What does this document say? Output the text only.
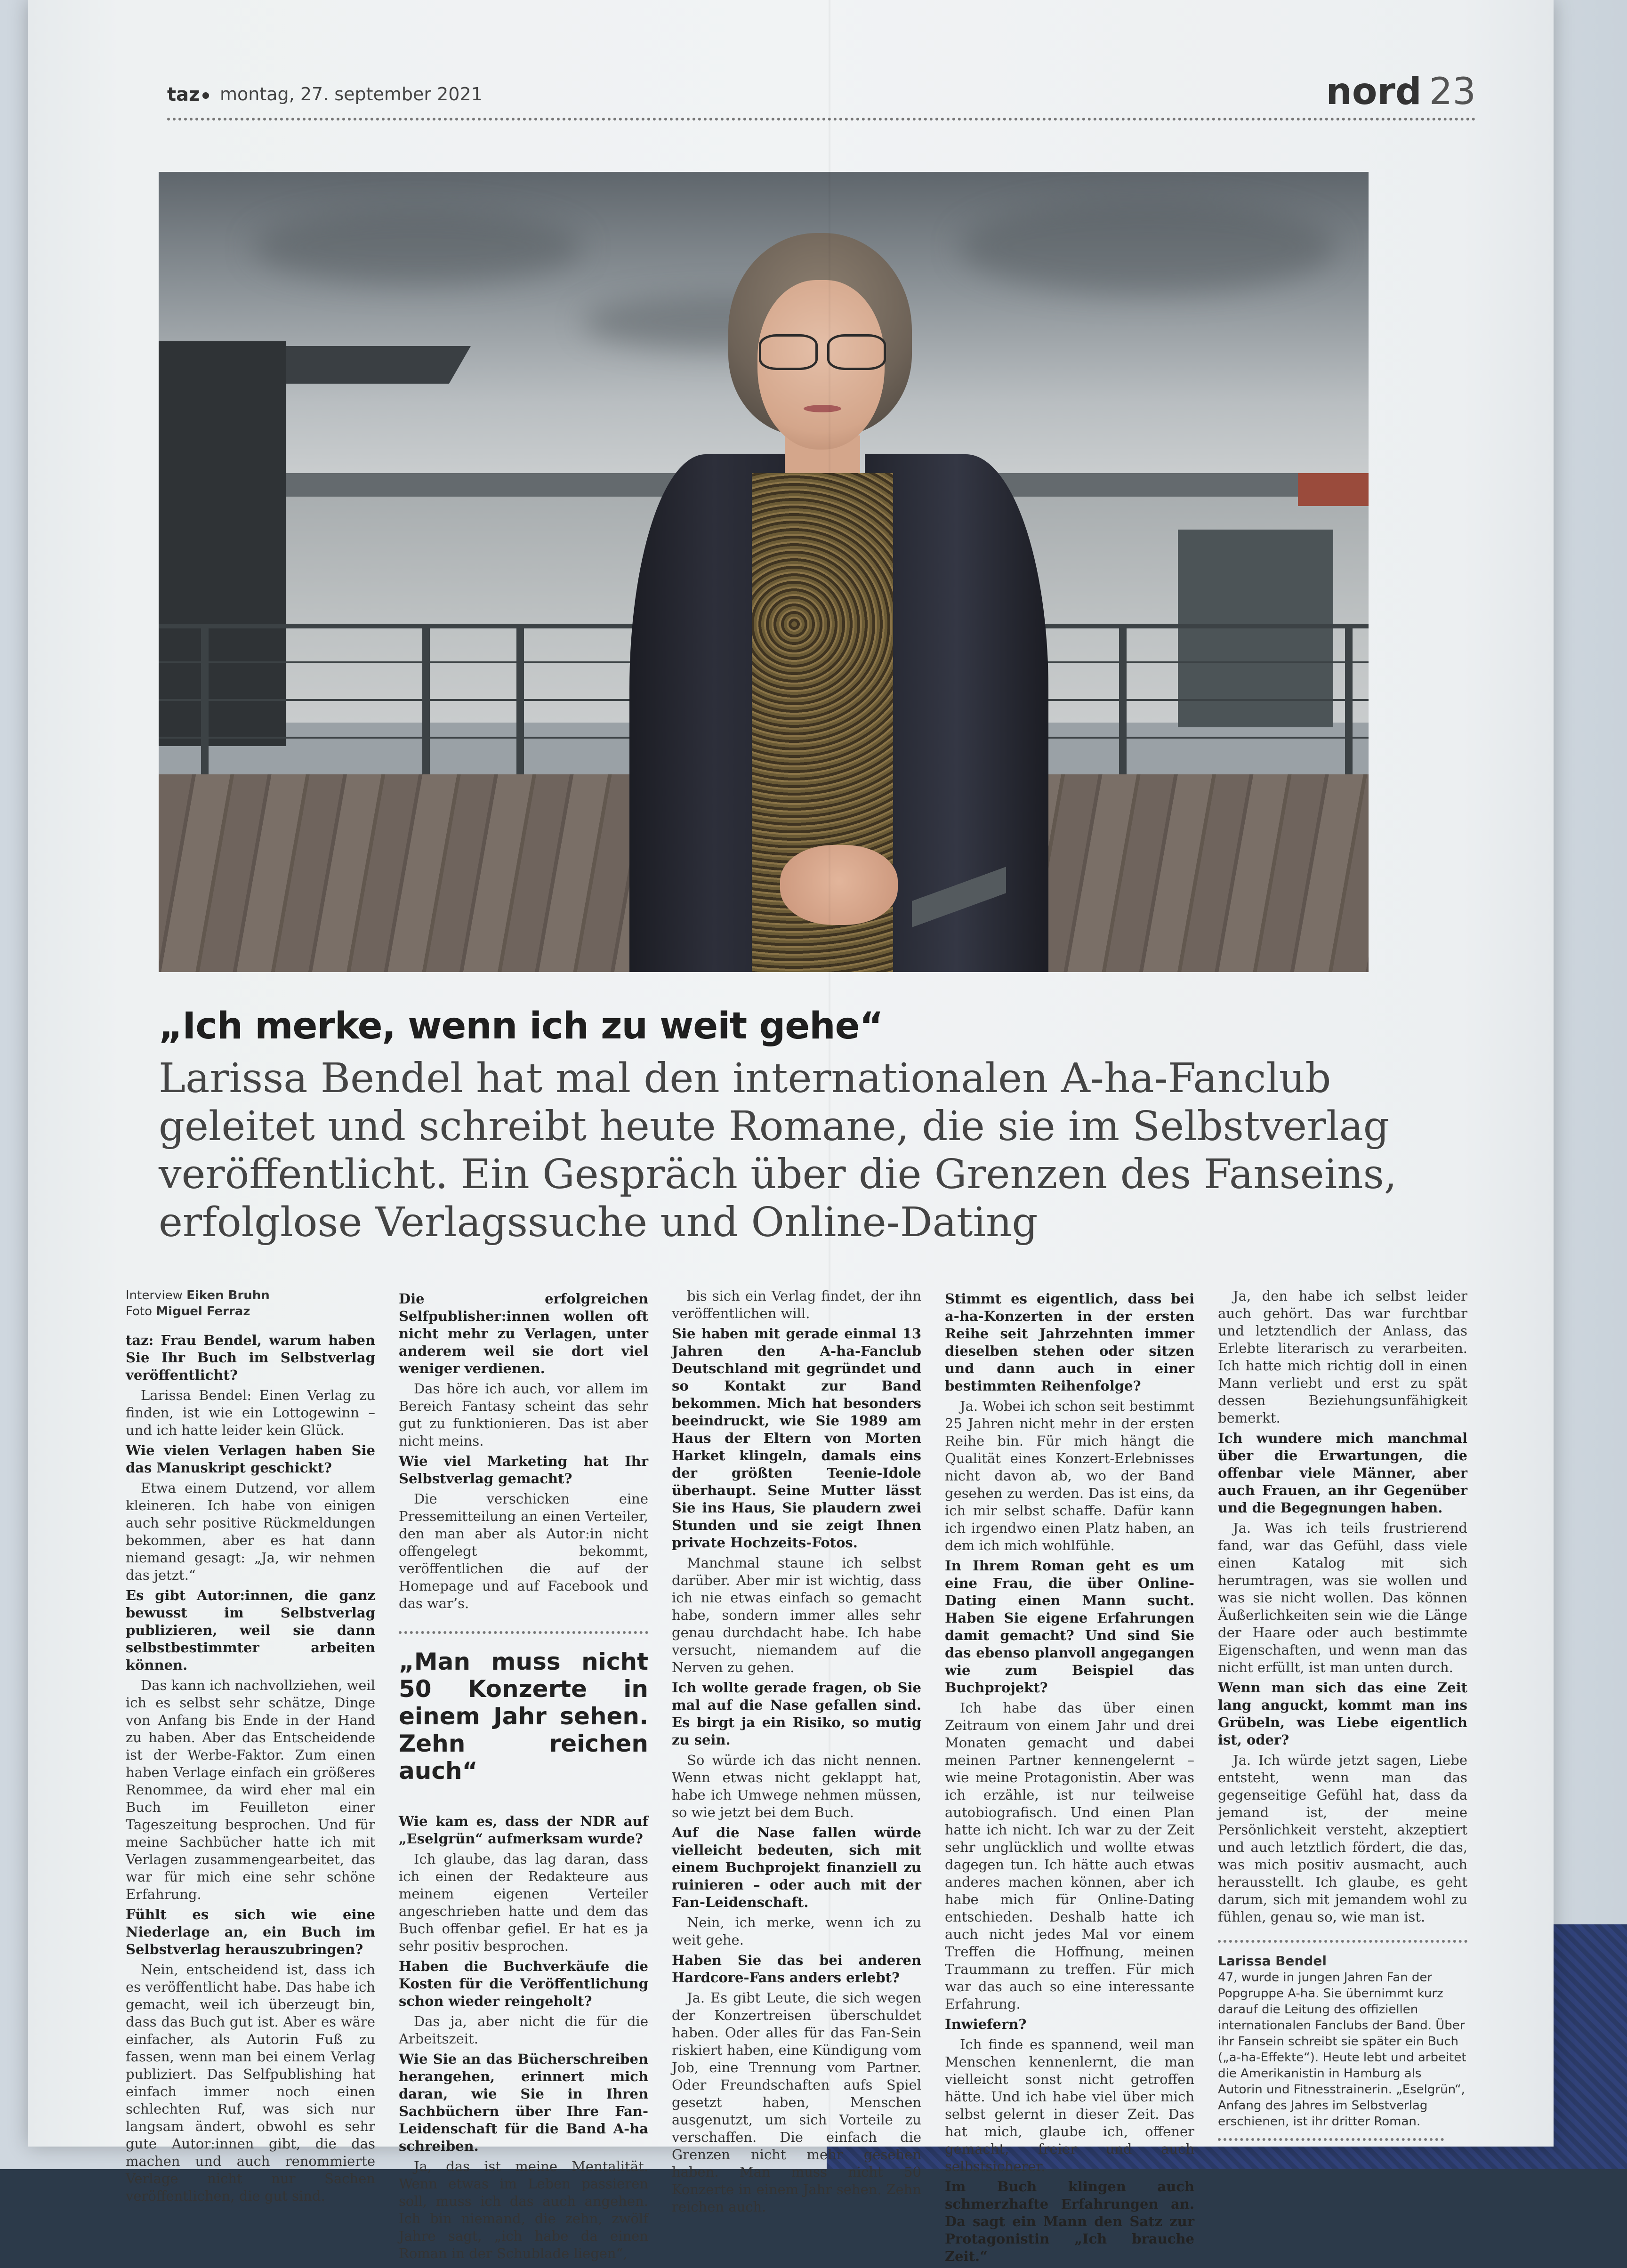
taz	montag, 27. september 2021	nord 23
„Ich merke, wenn ich zu weit gehe“
Larissa Bendel hat mal den internationalen A-ha-Fanclub geleitet und schreibt heute Romane, die sie im Selbstverlag veröffentlicht. Ein Gespräch über die Grenzen des Fanseins, erfolglose Verlagssuche und Online-Dating
Interview Eiken Bruhn
Foto Miguel Ferraz

taz: Frau Bendel, warum haben Sie Ihr Buch im Selbstverlag veröffentlicht?

Larissa Bendel: Einen Verlag zu finden, ist wie ein Lottogewinn – und ich hatte leider kein Glück.

Wie vielen Verlagen haben Sie das Manuskript geschickt?

Etwa einem Dutzend, vor allem kleineren. Ich habe von einigen auch sehr positive Rückmeldungen bekommen, aber es hat dann niemand gesagt: „Ja, wir nehmen das jetzt.“

Es gibt Autor:innen, die ganz bewusst im Selbstverlag publizieren, weil sie dann selbstbestimmter arbeiten können.

Das kann ich nachvollziehen, weil ich es selbst sehr schätze, Dinge von Anfang bis Ende in der Hand zu haben. Aber das Entscheidende ist der Werbe-Faktor. Zum einen haben Verlage einfach ein größeres Renommee, da wird eher mal ein Buch im Feuilleton einer Tageszeitung besprochen. Und für meine Sachbücher hatte ich mit Verlagen zusammengearbeitet, das war für mich eine sehr schöne Erfahrung.

Fühlt es sich wie eine Niederlage an, ein Buch im Selbstverlag herauszubringen?

Nein, entscheidend ist, dass ich es veröffentlicht habe. Das habe ich gemacht, weil ich überzeugt bin, dass das Buch gut ist. Aber es wäre einfacher, als Autorin Fuß zu fassen, wenn man bei einem Verlag publiziert. Das Selfpublishing hat einfach immer noch einen schlechten Ruf, was sich nur langsam ändert, obwohl es sehr gute Autor:innen gibt, die das machen und auch renommierte Verlage nicht nur Sachen veröffentlichen, die gut sind.

Die erfolgreichen Selfpublisher:innen wollen oft nicht mehr zu Verlagen, unter anderem weil sie dort viel weniger verdienen.

Das höre ich auch, vor allem im Bereich Fantasy scheint das sehr gut zu funktionieren. Das ist aber nicht meins.

Wie viel Marketing hat Ihr Selbstverlag gemacht?

Die verschicken eine Pressemitteilung an einen Verteiler, den man aber als Autor:in nicht offengelegt bekommt, veröffentlichen die auf der Homepage und auf Facebook und das war’s.

„Man muss nicht 50 Konzerte in einem Jahr sehen. Zehn reichen auch“

Wie kam es, dass der NDR auf „Eselgrün“ aufmerksam wurde?

Ich glaube, das lag daran, dass ich einen der Redakteure aus meinem eigenen Verteiler angeschrieben hatte und dem das Buch offenbar gefiel. Er hat es ja sehr positiv besprochen.

Haben die Buchverkäufe die Kosten für die Veröffentlichung schon wieder reingeholt?

Das ja, aber nicht die für die Arbeitszeit.

Wie Sie an das Bücherschreiben herangehen, erinnert mich daran, wie Sie in Ihren Sachbüchern über Ihre Fan-Leidenschaft für die Band A-ha schreiben.

Ja, das ist meine Mentalität. Wenn etwas im Leben passieren soll, muss ich das auch angehen. Ich bin niemand, die zehn, zwölf Jahre sagt, „ich habe da einen Roman in der Schublade liegen“,

bis sich ein Verlag findet, der ihn veröffentlichen will.

Sie haben mit gerade einmal 13 Jahren den A-ha-Fanclub Deutschland mit gegründet und so Kontakt zur Band bekommen. Mich hat besonders beeindruckt, wie Sie 1989 am Haus der Eltern von Morten Harket klingeln, damals eins der größten Teenie-Idole überhaupt. Seine Mutter lässt Sie ins Haus, Sie plaudern zwei Stunden und sie zeigt Ihnen private Hochzeits-Fotos.

Manchmal staune ich selbst darüber. Aber mir ist wichtig, dass ich nie etwas einfach so gemacht habe, sondern immer alles sehr genau durchdacht habe. Ich habe versucht, niemandem auf die Nerven zu gehen.

Ich wollte gerade fragen, ob Sie mal auf die Nase gefallen sind. Es birgt ja ein Risiko, so mutig zu sein.

So würde ich das nicht nennen. Wenn etwas nicht geklappt hat, habe ich Umwege nehmen müssen, so wie jetzt bei dem Buch.

Auf die Nase fallen würde vielleicht bedeuten, sich mit einem Buchprojekt finanziell zu ruinieren – oder auch mit der Fan-Leidenschaft.

Nein, ich merke, wenn ich zu weit gehe.

Haben Sie das bei anderen Hardcore-Fans anders erlebt?

Ja. Es gibt Leute, die sich wegen der Konzertreisen überschuldet haben. Oder alles für das Fan-Sein riskiert haben, eine Kündigung vom Job, eine Trennung vom Partner. Oder Freundschaften aufs Spiel gesetzt haben, Menschen ausgenutzt, um sich Vorteile zu verschaffen. Die einfach die Grenzen nicht mehr gesehen haben. Man muss nicht 50 Konzerte in einem Jahr sehen. Zehn reichen auch.

Stimmt es eigentlich, dass bei a-ha-Konzerten in der ersten Reihe seit Jahrzehnten immer dieselben stehen oder sitzen und dann auch in einer bestimmten Reihenfolge?

Ja. Wobei ich schon seit bestimmt 25 Jahren nicht mehr in der ersten Reihe bin. Für mich hängt die Qualität eines Konzert-Erlebnisses nicht davon ab, wo der Band gesehen zu werden. Das ist eins, da ich mir selbst schaffe. Dafür kann ich irgendwo einen Platz haben, an dem ich mich wohlfühle.

In Ihrem Roman geht es um eine Frau, die über Online-Dating einen Mann sucht. Haben Sie eigene Erfahrungen damit gemacht? Und sind Sie das ebenso planvoll angegangen wie zum Beispiel das Buchprojekt?

Ich habe das über einen Zeitraum von einem Jahr und drei Monaten gemacht und dabei meinen Partner kennengelernt – wie meine Protagonistin. Aber was ich erzähle, ist nur teilweise autobiografisch. Und einen Plan hatte ich nicht. Ich war zu der Zeit sehr unglücklich und wollte etwas dagegen tun. Ich hätte auch etwas anderes machen können, aber ich habe mich für Online-Dating entschieden. Deshalb hatte ich auch nicht jedes Mal vor einem Treffen die Hoffnung, meinen Traummann zu treffen. Für mich war das auch so eine interessante Erfahrung.

Inwiefern?

Ich finde es spannend, weil man Menschen kennenlernt, die man vielleicht sonst nicht getroffen hätte. Und ich habe viel über mich selbst gelernt in dieser Zeit. Das hat mich, glaube ich, offener gemacht, freier und auch selbstsicherer.

Im Buch klingen auch schmerzhafte Erfahrungen an. Da sagt ein Mann den Satz zur Protagonistin „Ich brauche Zeit.“

Ja, den habe ich selbst leider auch gehört. Das war furchtbar und letztendlich der Anlass, das Erlebte literarisch zu verarbeiten. Ich hatte mich richtig doll in einen Mann verliebt und erst zu spät dessen Beziehungsunfähigkeit bemerkt.

Ich wundere mich manchmal über die Erwartungen, die offenbar viele Männer, aber auch Frauen, an ihr Gegenüber und die Begegnungen haben.

Ja. Was ich teils frustrierend fand, war das Gefühl, dass viele einen Katalog mit sich herumtragen, was sie wollen und was sie nicht wollen. Das können Äußerlichkeiten sein wie die Länge der Haare oder auch bestimmte Eigenschaften, und wenn man das nicht erfüllt, ist man unten durch.

Wenn man sich das eine Zeit lang anguckt, kommt man ins Grübeln, was Liebe eigentlich ist, oder?

Ja. Ich würde jetzt sagen, Liebe entsteht, wenn man das gegenseitige Gefühl hat, dass da jemand ist, der meine Persönlichkeit versteht, akzeptiert und auch letztlich fördert, die das, was mich positiv ausmacht, auch herausstellt. Ich glaube, es geht darum, sich mit jemandem wohl zu fühlen, genau so, wie man ist.

Larissa Bendel
47, wurde in jungen Jahren Fan der Popgruppe A-ha. Sie übernimmt kurz darauf die Leitung des offiziellen internationalen Fanclubs der Band. Über ihr Fansein schreibt sie später ein Buch („a-ha-Effekte“). Heute lebt und arbeitet die Amerikanistin in Hamburg als Autorin und Fitnesstrainerin. „Eselgrün“, Anfang des Jahres im Selbstverlag erschienen, ist ihr dritter Roman.
